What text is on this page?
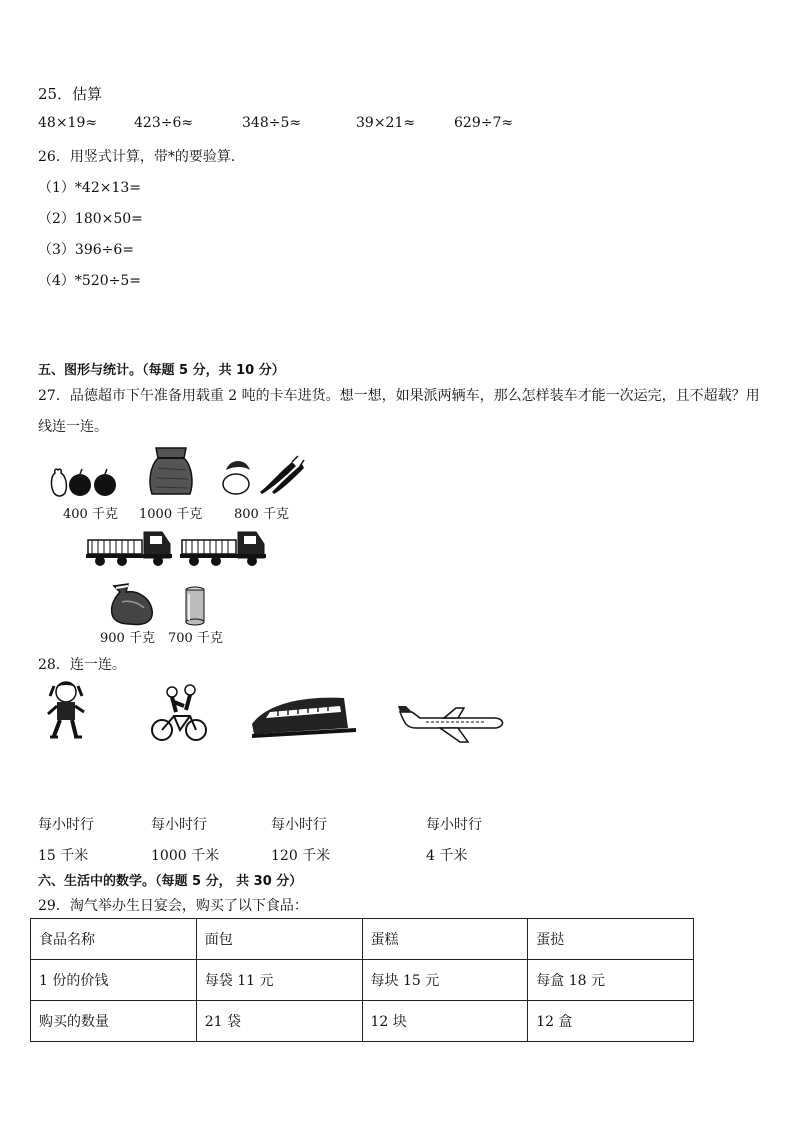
25．估算
48×19≈	423÷6≈	348÷5≈	39×21≈	629÷7≈
26．用竖式计算，带*的要验算．
（1）*42×13=
（2）180×50=
（3）396÷6=
（4）*520÷5=
五、图形与统计。（每题 5 分，共 10 分）
27．品德超市下午准备用载重 2 吨的卡车进货。想一想，如果派两辆车，那么怎样装车才能一次运完，且不超载？用
线连一连。
400 千克 1000 千克 800 千克
900 千克 700 千克
28．连一连。
每小时行	每小时行	每小时行	每小时行
15 千米	1000 千米	120 千米	4 千米
六、生活中的数学。（每题 5 分， 共 30 分）
29．淘气举办生日宴会，购买了以下食品：
食品名称	面包	蛋糕	蛋挞
1 份的价钱	每袋 11 元	每块 15 元	每盒 18 元
购买的数量	21 袋	12 块	12 盒
